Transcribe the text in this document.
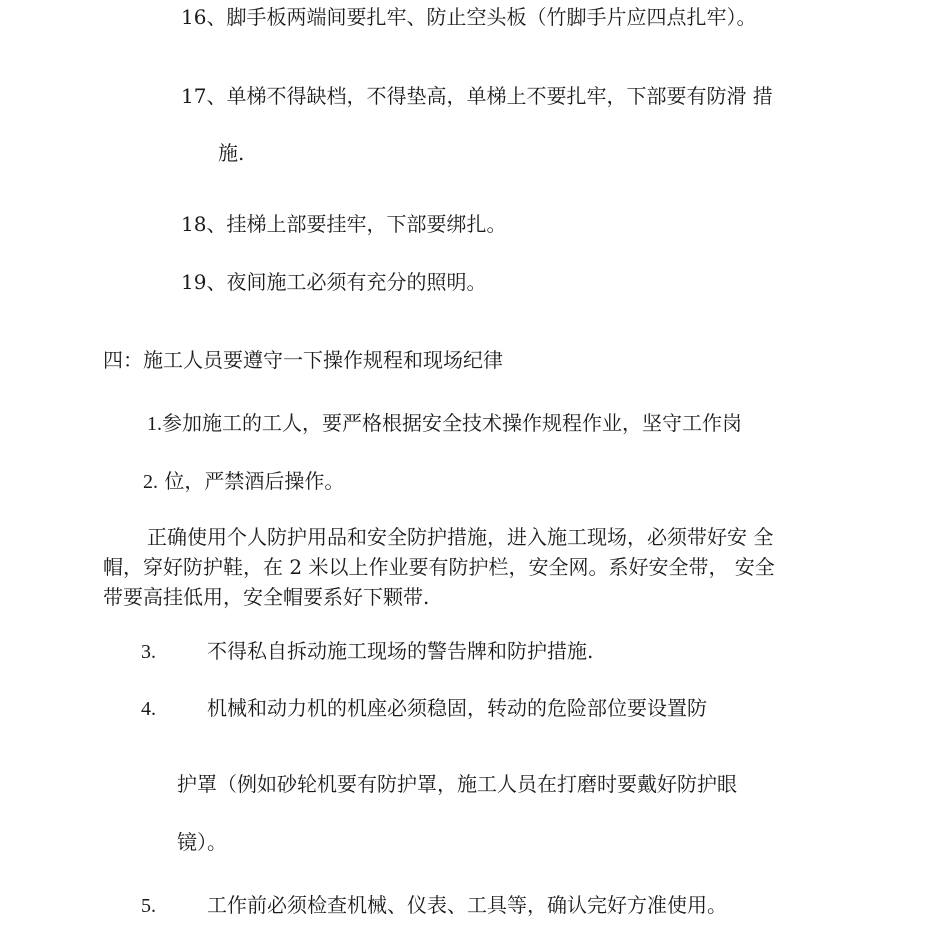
16、脚手板两端间要扎牢、防止空头板（竹脚手片应四点扎牢）。
17、单梯不得缺档，不得垫高，单梯上不要扎牢，下部要有防滑 措
施.
18、挂梯上部要挂牢，下部要绑扎。
19、夜间施工必须有充分的照明。
四：施工人员要遵守一下操作规程和现场纪律
1.参加施工的工人，要严格根据安全技术操作规程作业，坚守工作岗
2. 位，严禁酒后操作。
正确使用个人防护用品和安全防护措施，进入施工现场，必须带好安 全
帽，穿好防护鞋，在 2 米以上作业要有防护栏，安全网。系好安全带， 安全
带要高挂低用，安全帽要系好下颗带.
3.	不得私自拆动施工现场的警告牌和防护措施.
4.	机械和动力机的机座必须稳固，转动的危险部位要设置防
护罩（例如砂轮机要有防护罩，施工人员在打磨时要戴好防护眼
镜）。
5.	工作前必须检查机械、仪表、工具等，确认完好方准使用。
